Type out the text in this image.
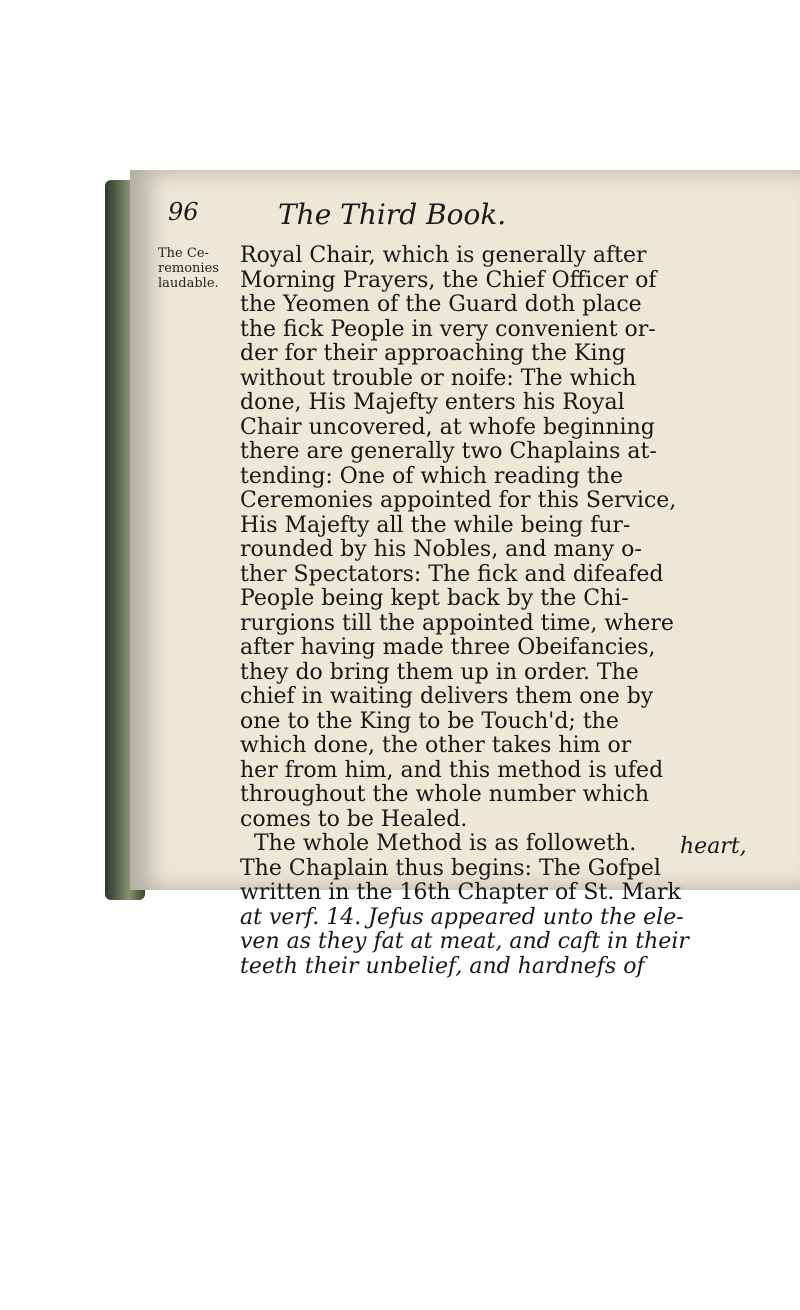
96	The Third Book.
The Ce-
remonies
laudable.
Royal Chair, which is generally after
Morning Prayers, the Chief Officer of
the Yeomen of the Guard doth place
the fick People in very convenient or-
der for their approaching the King
without trouble or noife: The which
done, His Majefty enters his Royal
Chair uncovered, at whofe beginning
there are generally two Chaplains at-
tending: One of which reading the
Ceremonies appointed for this Service,
His Majefty all the while being fur-
rounded by his Nobles, and many o-
ther Spectators: The fick and difeafed
People being kept back by the Chi-
rurgions till the appointed time, where
after having made three Obeifancies,
they do bring them up in order. The
chief in waiting delivers them one by
one to the King to be Touch'd; the
which done, the other takes him or
her from him, and this method is ufed
throughout the whole number which
comes to be Healed.
The whole Method is as followeth.
The Chaplain thus begins: The Gofpel
written in the 16th Chapter of St. Mark
at verf. 14. Jefus appeared unto the ele-
ven as they fat at meat, and caft in their
teeth their unbelief, and hardnefs of
heart,
